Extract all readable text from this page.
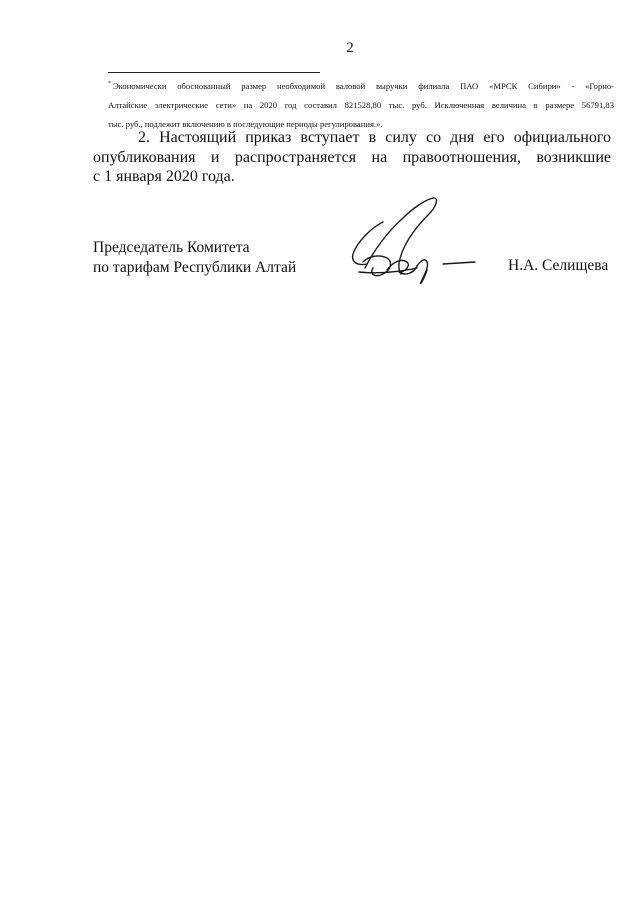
2
* Экономически обоснованный размер необходимой валовой выручки филиала ПАО «МРСК Сибири» - «Горно-
Алтайские электрические сети» на 2020 год составил 821528,80 тыс. руб. Исключенная величина в размере 56791,83
тыс. руб., подлежит включению в последующие периоды регулирования.».
2. Настоящий приказ вступает в силу со дня его официального
опубликования и распространяется на правоотношения, возникшие
с 1 января 2020 года.
Председатель Комитета
по тарифам Республики Алтай	Н.А. Селищева
